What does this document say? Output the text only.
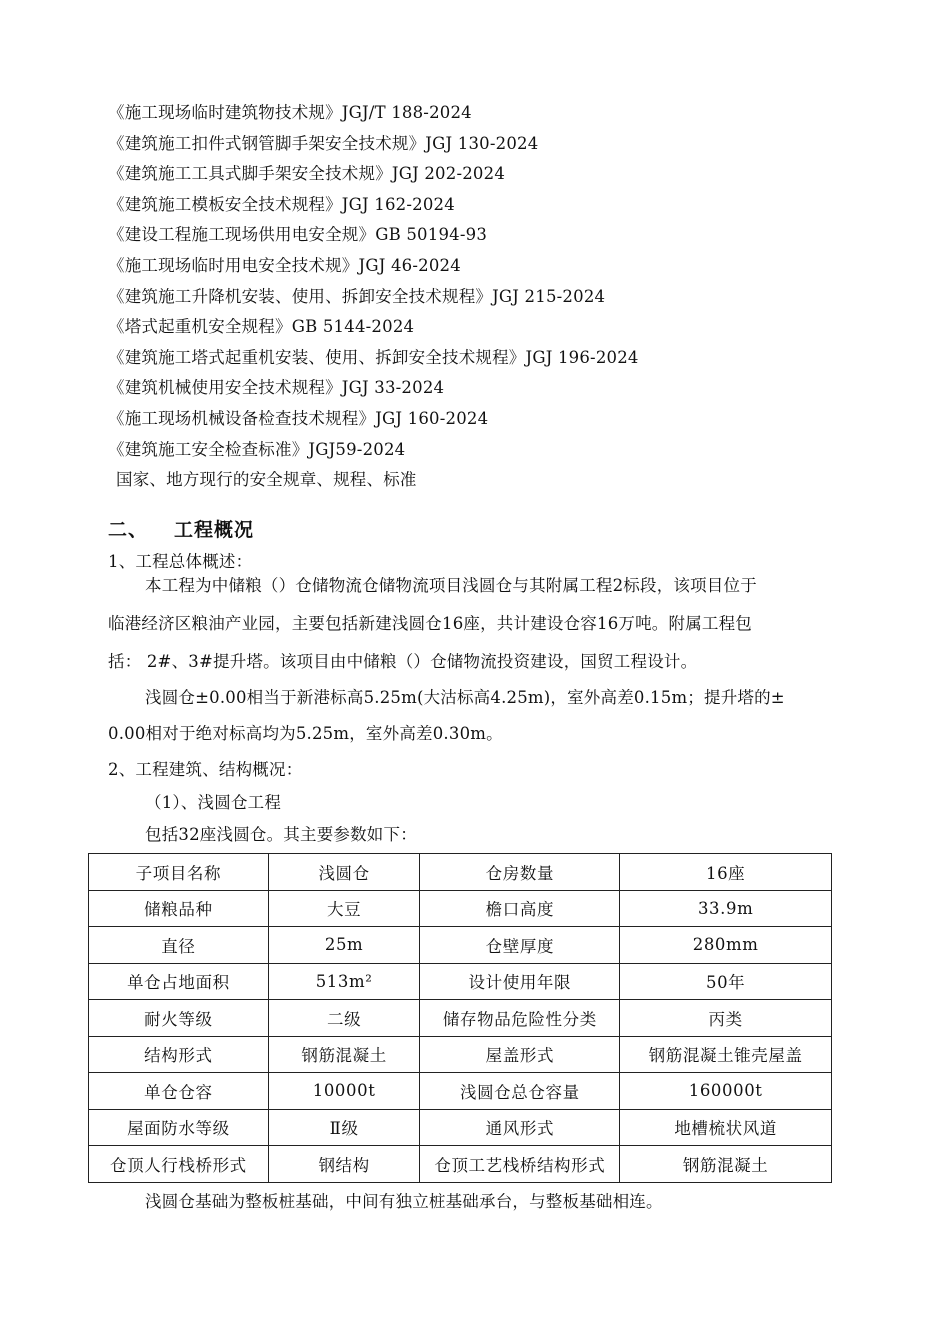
《施工现场临时建筑物技术规》JGJ/T 188-2024
《建筑施工扣件式钢管脚手架安全技术规》JGJ 130-2024
《建筑施工工具式脚手架安全技术规》JGJ 202-2024
《建筑施工模板安全技术规程》JGJ 162-2024
《建设工程施工现场供用电安全规》GB 50194-93
《施工现场临时用电安全技术规》JGJ 46-2024
《建筑施工升降机安装、使用、拆卸安全技术规程》JGJ 215-2024
《塔式起重机安全规程》GB 5144-2024
《建筑施工塔式起重机安装、使用、拆卸安全技术规程》JGJ 196-2024
《建筑机械使用安全技术规程》JGJ 33-2024
《施工现场机械设备检查技术规程》JGJ 160-2024
《建筑施工安全检查标准》JGJ59-2024
国家、地方现行的安全规章、规程、标准
二、 工程概况
1、工程总体概述：
本工程为中储粮（）仓储物流仓储物流项目浅圆仓与其附属工程2标段，该项目位于
临港经济区粮油产业园，主要包括新建浅圆仓16座，共计建设仓容16万吨。附属工程包
括： 2#、3#提升塔。该项目由中储粮（）仓储物流投资建设，国贸工程设计。
浅圆仓±0.00相当于新港标高5.25m(大沽标高4.25m)，室外高差0.15m；提升塔的±
0.00相对于绝对标高均为5.25m，室外高差0.30m。
2、工程建筑、结构概况：
（1）、浅圆仓工程
包括32座浅圆仓。其主要参数如下：
子项目名称	浅圆仓	仓房数量	16座
储粮品种	大豆	檐口高度	33.9m
直径	25m	仓壁厚度	280mm
单仓占地面积	513m²	设计使用年限	50年
耐火等级	二级	储存物品危险性分类	丙类
结构形式	钢筋混凝土	屋盖形式	钢筋混凝土锥壳屋盖
单仓仓容	10000t	浅圆仓总仓容量	160000t
屋面防水等级	Ⅱ级	通风形式	地槽梳状风道
仓顶人行栈桥形式	钢结构	仓顶工艺栈桥结构形式	钢筋混凝土
浅圆仓基础为整板桩基础，中间有独立桩基础承台，与整板基础相连。
